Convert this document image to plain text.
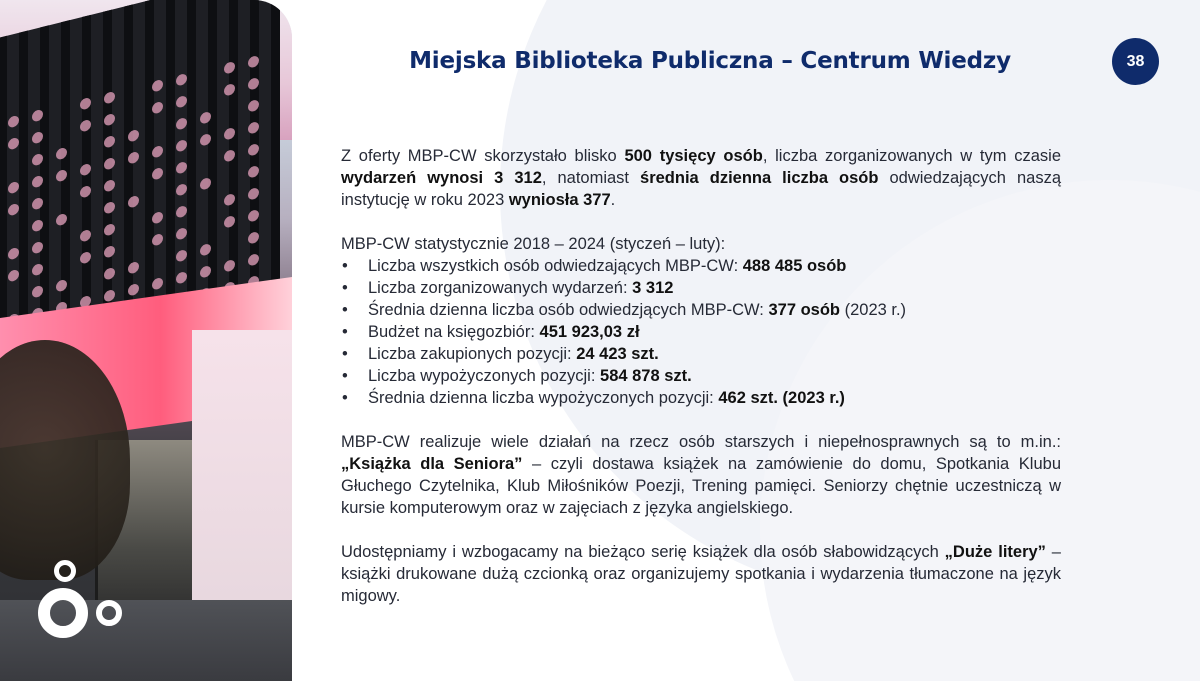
Miejska Biblioteka Publiczna – Centrum Wiedzy	38

Z oferty MBP-CW skorzystało blisko 500 tysięcy osób, liczba zorganizowanych w tym czasie wydarzeń wynosi 3 312, natomiast średnia dzienna liczba osób odwiedzających naszą instytucję w roku 2023 wyniosła 377.

MBP-CW statystycznie 2018 – 2024 (styczeń – luty):

• Liczba wszystkich osób odwiedzających MBP-CW: 488 485 osób
• Liczba zorganizowanych wydarzeń: 3 312
• Średnia dzienna liczba osób odwiedzjących MBP-CW: 377 osób (2023 r.)
• Budżet na księgozbiór: 451 923,03 zł
• Liczba zakupionych pozycji: 24 423 szt.
• Liczba wypożyczonych pozycji: 584 878 szt.
• Średnia dzienna liczba wypożyczonych pozycji: 462 szt. (2023 r.)

MBP-CW realizuje wiele działań na rzecz osób starszych i niepełnosprawnych są to m.in.: „Książka dla Seniora” – czyli dostawa książek na zamówienie do domu, Spotkania Klubu Głuchego Czytelnika, Klub Miłośników Poezji, Trening pamięci. Seniorzy chętnie uczestniczą w kursie komputerowym oraz w zajęciach z języka angielskiego.

Udostępniamy i wzbogacamy na bieżąco serię książek dla osób słabowidzących „Duże litery” – książki drukowane dużą czcionką oraz organizujemy spotkania i wydarzenia tłumaczone na język migowy.
